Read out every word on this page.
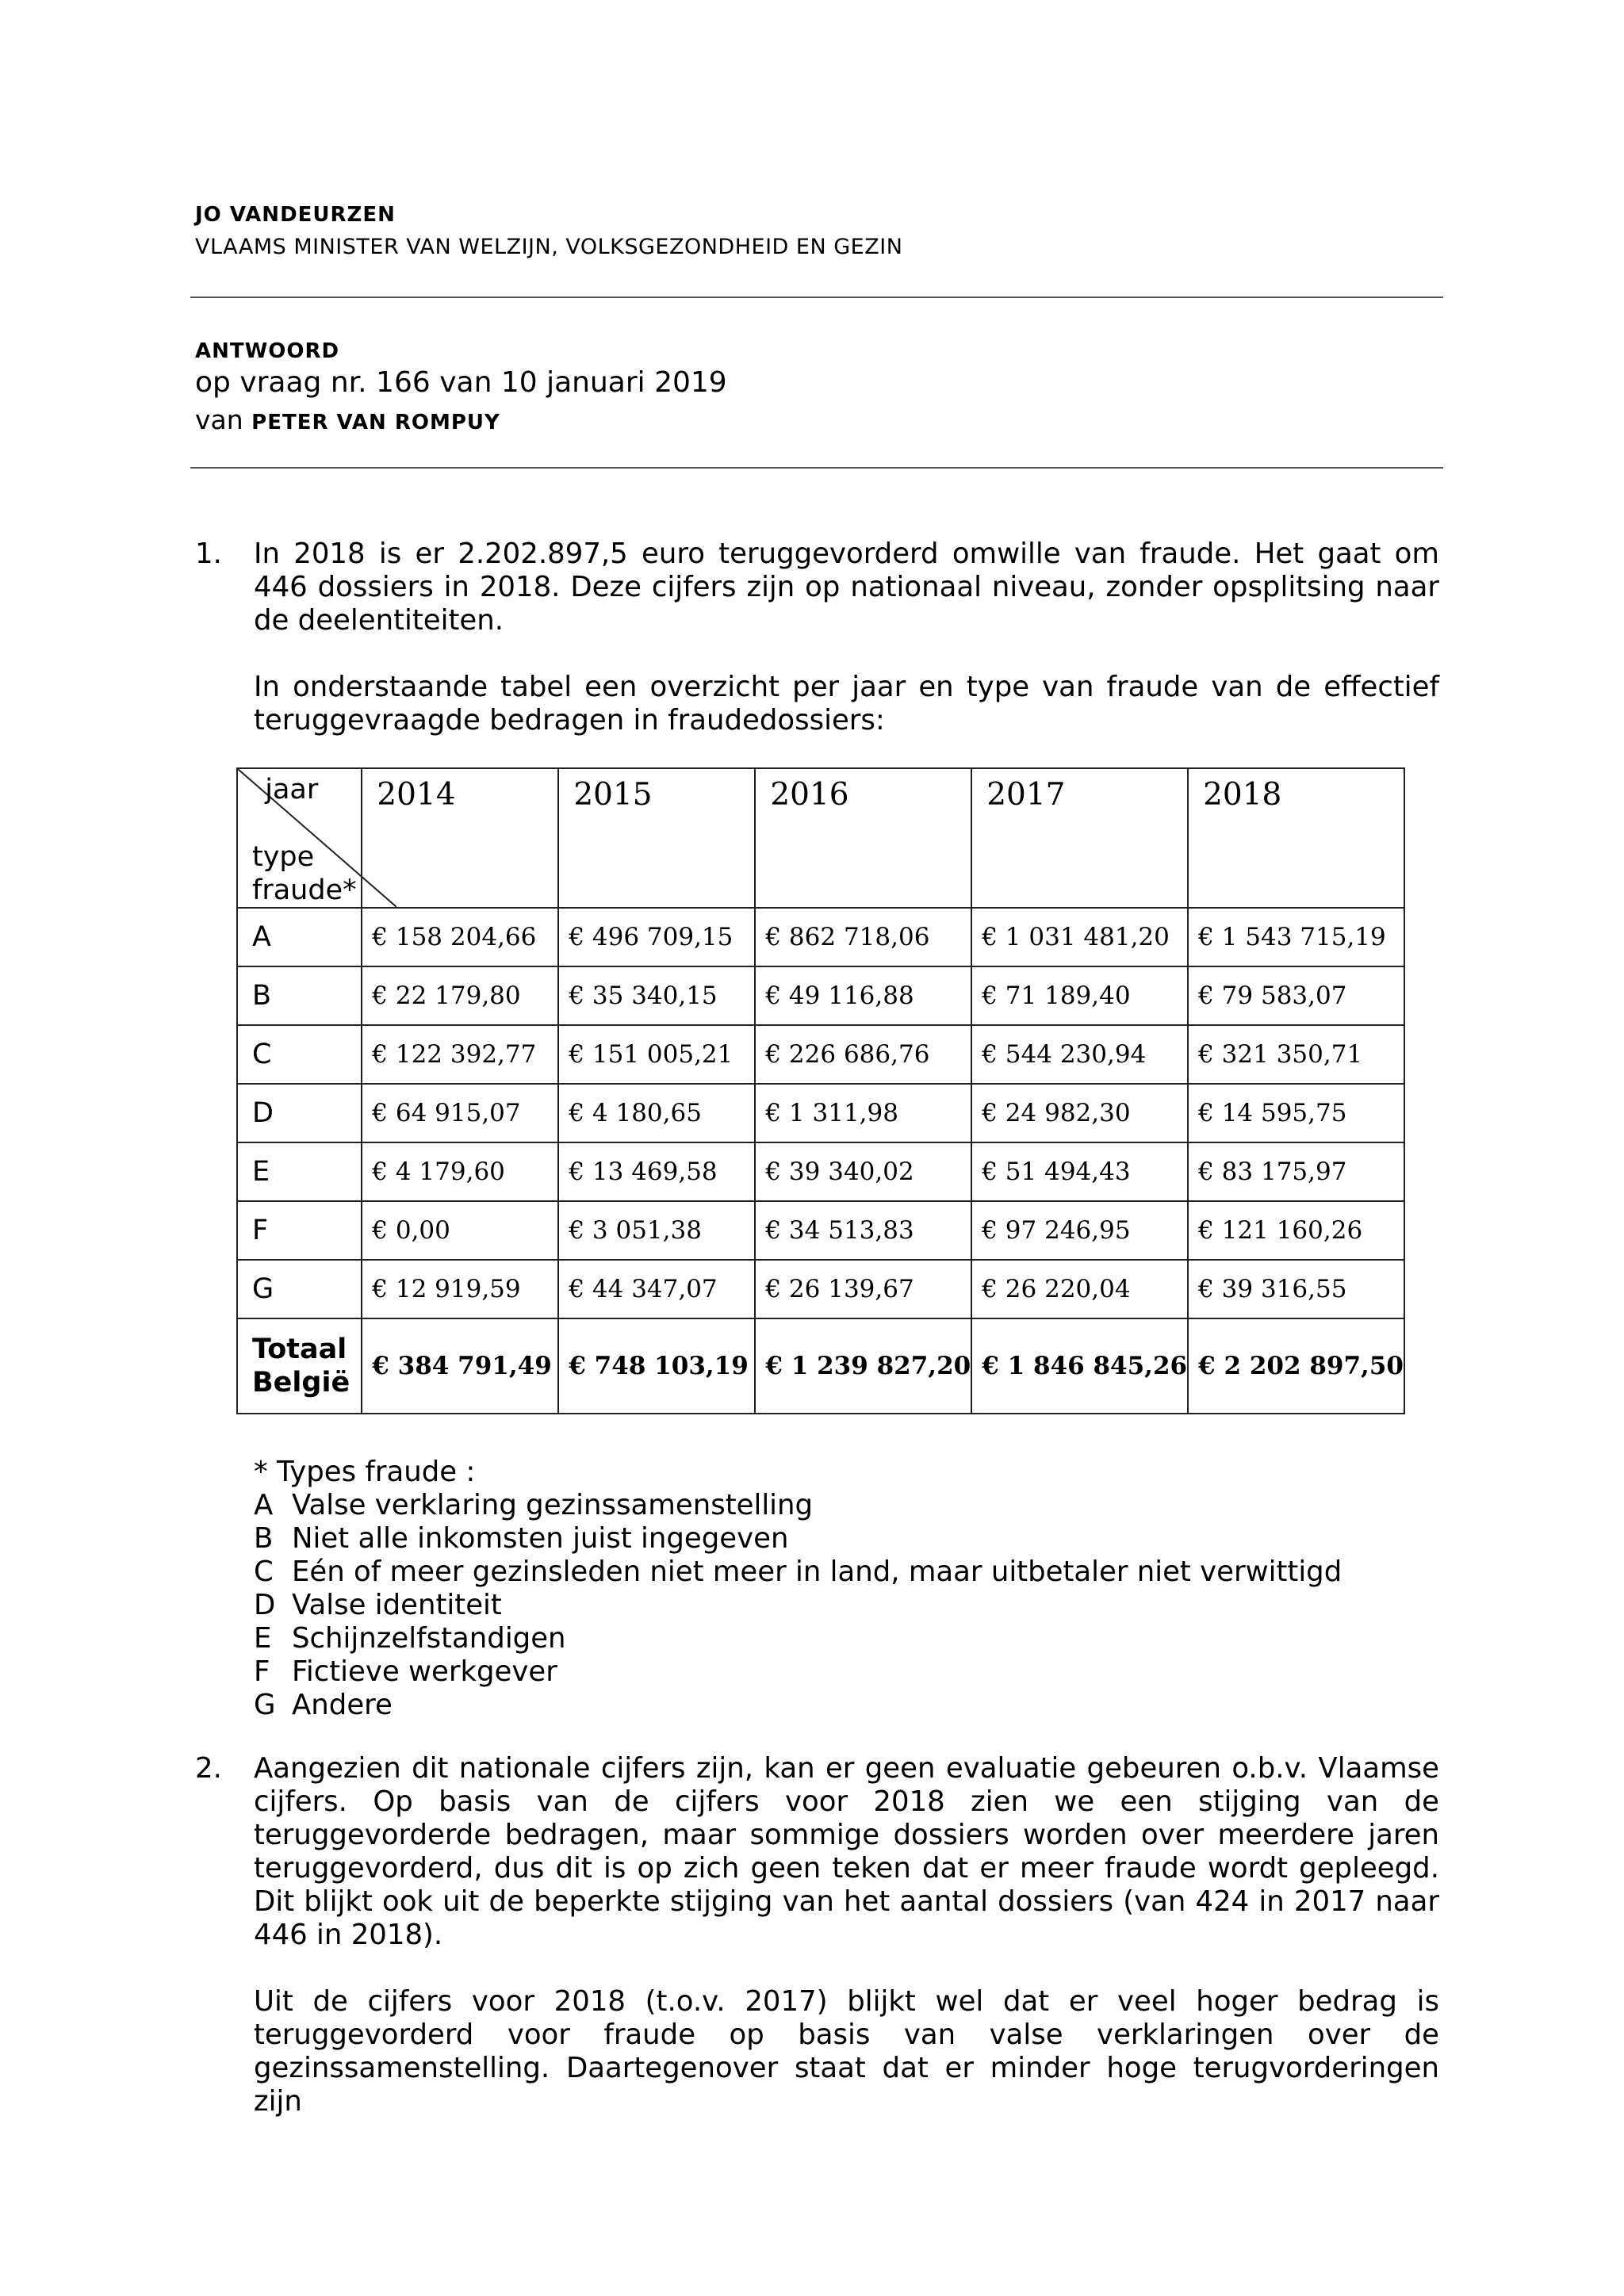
JO VANDEURZEN
VLAAMS MINISTER VAN WELZIJN, VOLKSGEZONDHEID EN GEZIN
ANTWOORD
op vraag nr. 166 van 10 januari 2019
van PETER VAN ROMPUY
1. In 2018 is er 2.202.897,5 euro teruggevorderd omwille van fraude. Het gaat om 446 dossiers in 2018. Deze cijfers zijn op nationaal niveau, zonder opsplitsing naar de deelentiteiten.
In onderstaande tabel een overzicht per jaar en type van fraude van de effectief teruggevraagde bedragen in fraudedossiers:
jaar
type
fraude*	2014	2015	2016	2017	2018
A	€ 158 204,66	€ 496 709,15	€ 862 718,06	€ 1 031 481,20	€ 1 543 715,19
B	€ 22 179,80	€ 35 340,15	€ 49 116,88	€ 71 189,40	€ 79 583,07
C	€ 122 392,77	€ 151 005,21	€ 226 686,76	€ 544 230,94	€ 321 350,71
D	€ 64 915,07	€ 4 180,65	€ 1 311,98	€ 24 982,30	€ 14 595,75
E	€ 4 179,60	€ 13 469,58	€ 39 340,02	€ 51 494,43	€ 83 175,97
F	€ 0,00	€ 3 051,38	€ 34 513,83	€ 97 246,95	€ 121 160,26
G	€ 12 919,59	€ 44 347,07	€ 26 139,67	€ 26 220,04	€ 39 316,55
Totaal
België	€ 384 791,49	€ 748 103,19	€ 1 239 827,20	€ 1 846 845,26	€ 2 202 897,50
* Types fraude :
A Valse verklaring gezinssamenstelling
B Niet alle inkomsten juist ingegeven
C Eén of meer gezinsleden niet meer in land, maar uitbetaler niet verwittigd
D Valse identiteit
E Schijnzelfstandigen
F Fictieve werkgever
G Andere
2. Aangezien dit nationale cijfers zijn, kan er geen evaluatie gebeuren o.b.v. Vlaamse cijfers. Op basis van de cijfers voor 2018 zien we een stijging van de teruggevorderde bedragen, maar sommige dossiers worden over meerdere jaren teruggevorderd, dus dit is op zich geen teken dat er meer fraude wordt gepleegd. Dit blijkt ook uit de beperkte stijging van het aantal dossiers (van 424 in 2017 naar 446 in 2018).
Uit de cijfers voor 2018 (t.o.v. 2017) blijkt wel dat er veel hoger bedrag is teruggevorderd voor fraude op basis van valse verklaringen over de gezinssamenstelling. Daartegenover staat dat er minder hoge terugvorderingen zijn
